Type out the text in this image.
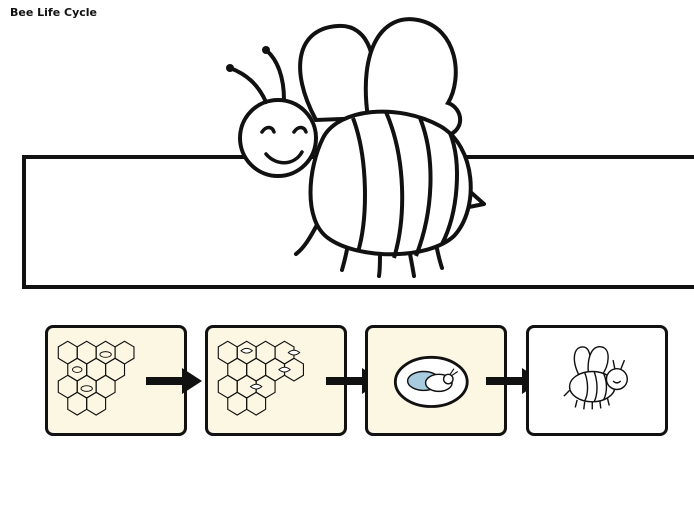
Bee Life Cycle
